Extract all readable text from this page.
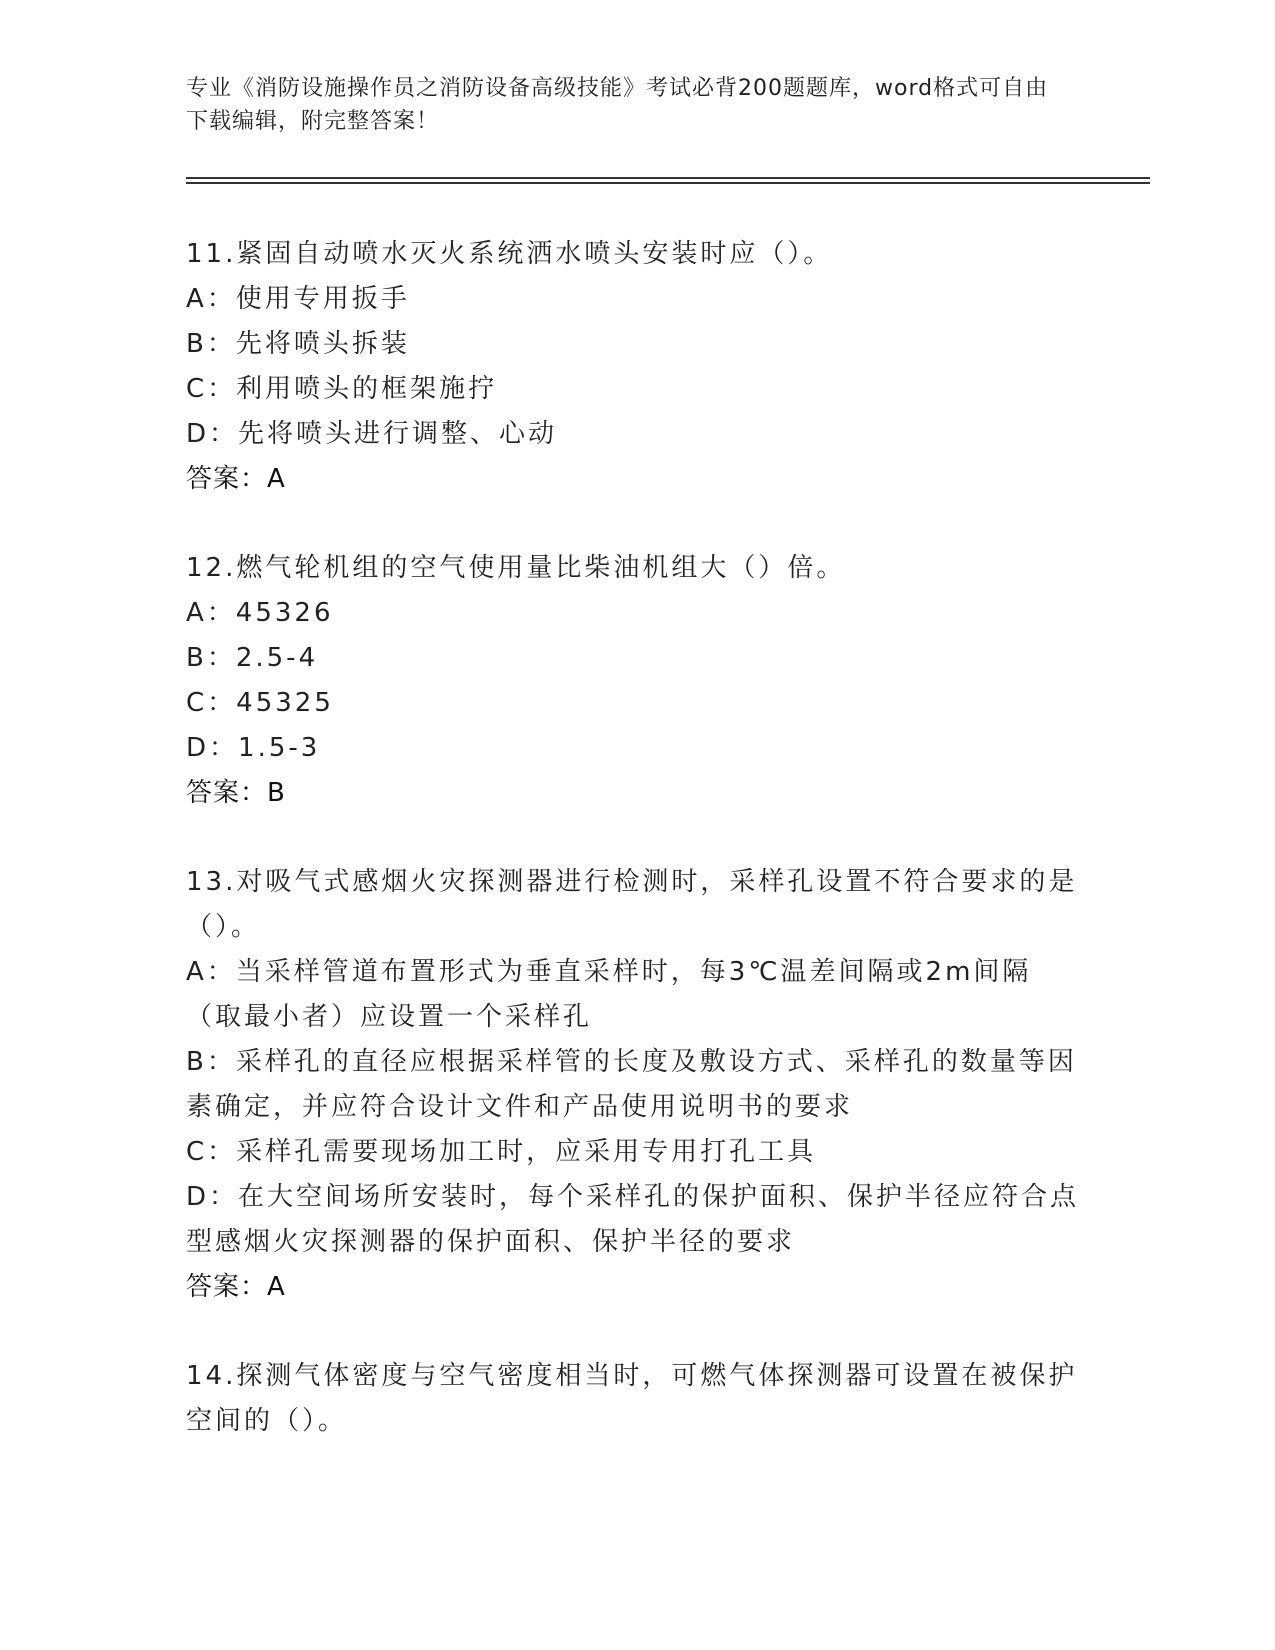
专业《消防设施操作员之消防设备高级技能》考试必背200题题库，word格式可自由下载编辑，附完整答案！

11.紧固自动喷水灭火系统洒水喷头安装时应（）。

A：使用专用扳手

B：先将喷头拆装

C：利用喷头的框架施拧

D：先将喷头进行调整、心动

答案：A

12.燃气轮机组的空气使用量比柴油机组大（）倍。

A：45326

B：2.5-4

C：45325

D：1.5-3

答案：B

13.对吸气式感烟火灾探测器进行检测时，采样孔设置不符合要求的是（）。

A：当采样管道布置形式为垂直采样时，每3℃温差间隔或2m间隔（取最小者）应设置一个采样孔

B：采样孔的直径应根据采样管的长度及敷设方式、采样孔的数量等因素确定，并应符合设计文件和产品使用说明书的要求

C：采样孔需要现场加工时，应采用专用打孔工具

D：在大空间场所安装时，每个采样孔的保护面积、保护半径应符合点型感烟火灾探测器的保护面积、保护半径的要求

答案：A

14.探测气体密度与空气密度相当时，可燃气体探测器可设置在被保护空间的（）。
